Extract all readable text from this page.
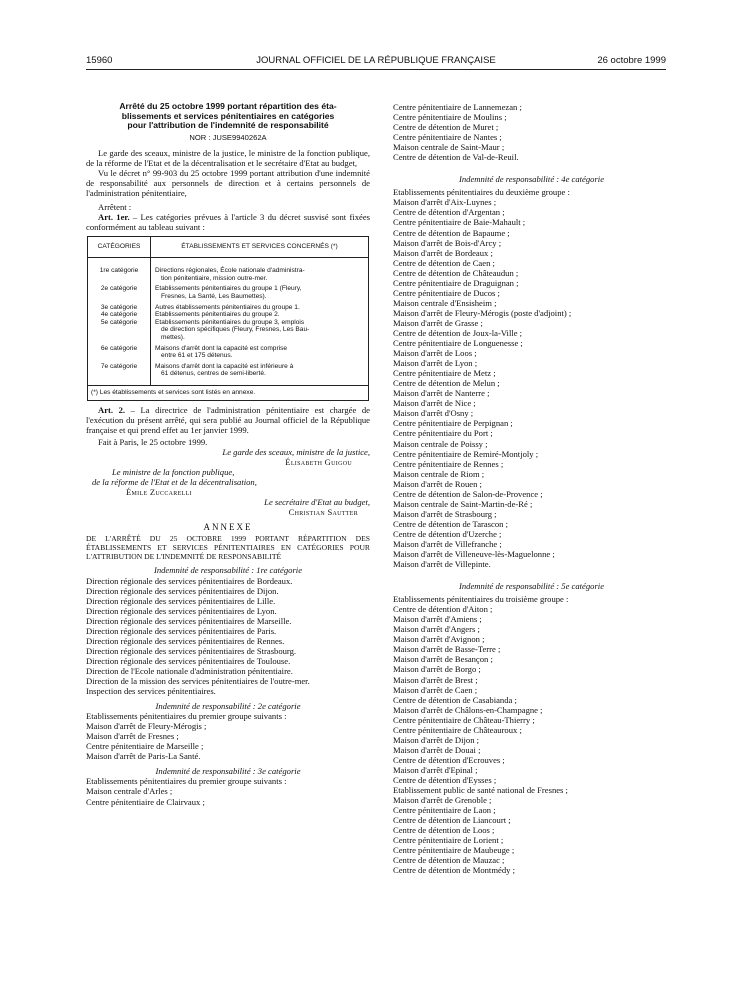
15960	JOURNAL OFFICIEL DE LA RÉPUBLIQUE FRANÇAISE	26 octobre 1999
Arrêté du 25 octobre 1999 portant répartition des éta-
blissements et services pénitentiaires en catégories
pour l'attribution de l'indemnité de responsabilité

NOR : JUSE9940262A

Le garde des sceaux, ministre de la justice, le ministre de la fonction publique, de la réforme de l'Etat et de la décentralisation et le secrétaire d'Etat au budget,

Vu le décret n° 99-903 du 25 octobre 1999 portant attribution d'une indemnité de responsabilité aux personnels de direction et à certains personnels de l'administration pénitentiaire,

Arrêtent :

Art. 1er. – Les catégories prévues à l'article 3 du décret susvisé sont fixées conformément au tableau suivant :

CATÉGORIES	ÉTABLISSEMENTS ET SERVICES CONCERNÉS (*)
1re catégorie	Directions régionales, École nationale d'administra-
tion pénitentiaire, mission outre-mer.

2e catégorie	Etablissements pénitentiaires du groupe 1 (Fleury,
Fresnes, La Santé, Les Baumettes).

3e catégorie	Autres établissements pénitentiaires du groupe 1.

4e catégorie	Etablissements pénitentiaires du groupe 2.

5e catégorie	Etablissements pénitentiaires du groupe 3, emplois
de direction spécifiques (Fleury, Fresnes, Les Bau-
mettes).

6e catégorie	Maisons d'arrêt dont la capacité est comprise
entre 61 et 175 détenus.

7e catégorie	Maisons d'arrêt dont la capacité est inférieure à
61 détenus, centres de semi-liberté.

(*) Les établissements et services sont listés en annexe.	

Art. 2. – La directrice de l'administration pénitentiaire est chargée de l'exécution du présent arrêté, qui sera publié au Journal officiel de la République française et qui prend effet au 1er janvier 1999.

Fait à Paris, le 25 octobre 1999.

Le garde des sceaux, ministre de la justice,

Élisabeth Guigou

Le ministre de la fonction publique,

de la réforme de l'Etat et de la décentralisation,

Émile Zuccarelli

Le secrétaire d'Etat au budget,

Christian Sautter

ANNEXE

DE L'ARRÊTÉ DU 25 OCTOBRE 1999 PORTANT RÉPARTITION DES ÉTABLISSEMENTS ET SERVICES PÉNITENTIAIRES EN CATÉGORIES POUR L'ATTRIBUTION DE L'INDEMNITÉ DE RESPONSABILITÉ

Indemnité de responsabilité : 1re catégorie

Direction régionale des services pénitentiaires de Bordeaux.

Direction régionale des services pénitentiaires de Dijon.

Direction régionale des services pénitentiaires de Lille.

Direction régionale des services pénitentiaires de Lyon.

Direction régionale des services pénitentiaires de Marseille.

Direction régionale des services pénitentiaires de Paris.

Direction régionale des services pénitentiaires de Rennes.

Direction régionale des services pénitentiaires de Strasbourg.

Direction régionale des services pénitentiaires de Toulouse.

Direction de l'Ecole nationale d'administration pénitentiaire.

Direction de la mission des services pénitentiaires de l'outre-mer.

Inspection des services pénitentiaires.

Indemnité de responsabilité : 2e catégorie

Etablissements pénitentiaires du premier groupe suivants :

Maison d'arrêt de Fleury-Mérogis ;

Maison d'arrêt de Fresnes ;

Centre pénitentiaire de Marseille ;

Maison d'arrêt de Paris-La Santé.

Indemnité de responsabilité : 3e catégorie

Etablissements pénitentiaires du premier groupe suivants :

Maison centrale d'Arles ;

Centre pénitentiaire de Clairvaux ;

Centre pénitentiaire de Lannemezan ;

Centre pénitentiaire de Moulins ;

Centre de détention de Muret ;

Centre pénitentiaire de Nantes ;

Maison centrale de Saint-Maur ;

Centre de détention de Val-de-Reuil.

Indemnité de responsabilité : 4e catégorie

Etablissements pénitentiaires du deuxième groupe :

Maison d'arrêt d'Aix-Luynes ;

Centre de détention d'Argentan ;

Centre pénitentiaire de Baie-Mahault ;

Centre de détention de Bapaume ;

Maison d'arrêt de Bois-d'Arcy ;

Maison d'arrêt de Bordeaux ;

Centre de détention de Caen ;

Centre de détention de Châteaudun ;

Centre pénitentiaire de Draguignan ;

Centre pénitentiaire de Ducos ;

Maison centrale d'Ensisheim ;

Maison d'arrêt de Fleury-Mérogis (poste d'adjoint) ;

Maison d'arrêt de Grasse ;

Centre de détention de Joux-la-Ville ;

Centre pénitentiaire de Longuenesse ;

Maison d'arrêt de Loos ;

Maison d'arrêt de Lyon ;

Centre pénitentiaire de Metz ;

Centre de détention de Melun ;

Maison d'arrêt de Nanterre ;

Maison d'arrêt de Nice ;

Maison d'arrêt d'Osny ;

Centre pénitentiaire de Perpignan ;

Centre pénitentiaire du Port ;

Maison centrale de Poissy ;

Centre pénitentiaire de Remiré-Montjoly ;

Centre pénitentiaire de Rennes ;

Maison centrale de Riom ;

Maison d'arrêt de Rouen ;

Centre de détention de Salon-de-Provence ;

Maison centrale de Saint-Martin-de-Ré ;

Maison d'arrêt de Strasbourg ;

Centre de détention de Tarascon ;

Centre de détention d'Uzerche ;

Maison d'arrêt de Villefranche ;

Maison d'arrêt de Villeneuve-lès-Maguelonne ;

Maison d'arrêt de Villepinte.

Indemnité de responsabilité : 5e catégorie

Etablissements pénitentiaires du troisième groupe :

Centre de détention d'Aiton ;

Maison d'arrêt d'Amiens ;

Maison d'arrêt d'Angers ;

Maison d'arrêt d'Avignon ;

Maison d'arrêt de Basse-Terre ;

Maison d'arrêt de Besançon ;

Maison d'arrêt de Borgo ;

Maison d'arrêt de Brest ;

Maison d'arrêt de Caen ;

Centre de détention de Casabianda ;

Maison d'arrêt de Châlons-en-Champagne ;

Centre pénitentiaire de Château-Thierry ;

Centre pénitentiaire de Châteauroux ;

Maison d'arrêt de Dijon ;

Maison d'arrêt de Douai ;

Centre de détention d'Ecrouves ;

Maison d'arrêt d'Epinal ;

Centre de détention d'Eysses ;

Etablissement public de santé national de Fresnes ;

Maison d'arrêt de Grenoble ;

Centre pénitentiaire de Laon ;

Centre de détention de Liancourt ;

Centre de détention de Loos ;

Centre pénitentiaire de Lorient ;

Centre pénitentiaire de Maubeuge ;

Centre de détention de Mauzac ;

Centre de détention de Montmédy ;
